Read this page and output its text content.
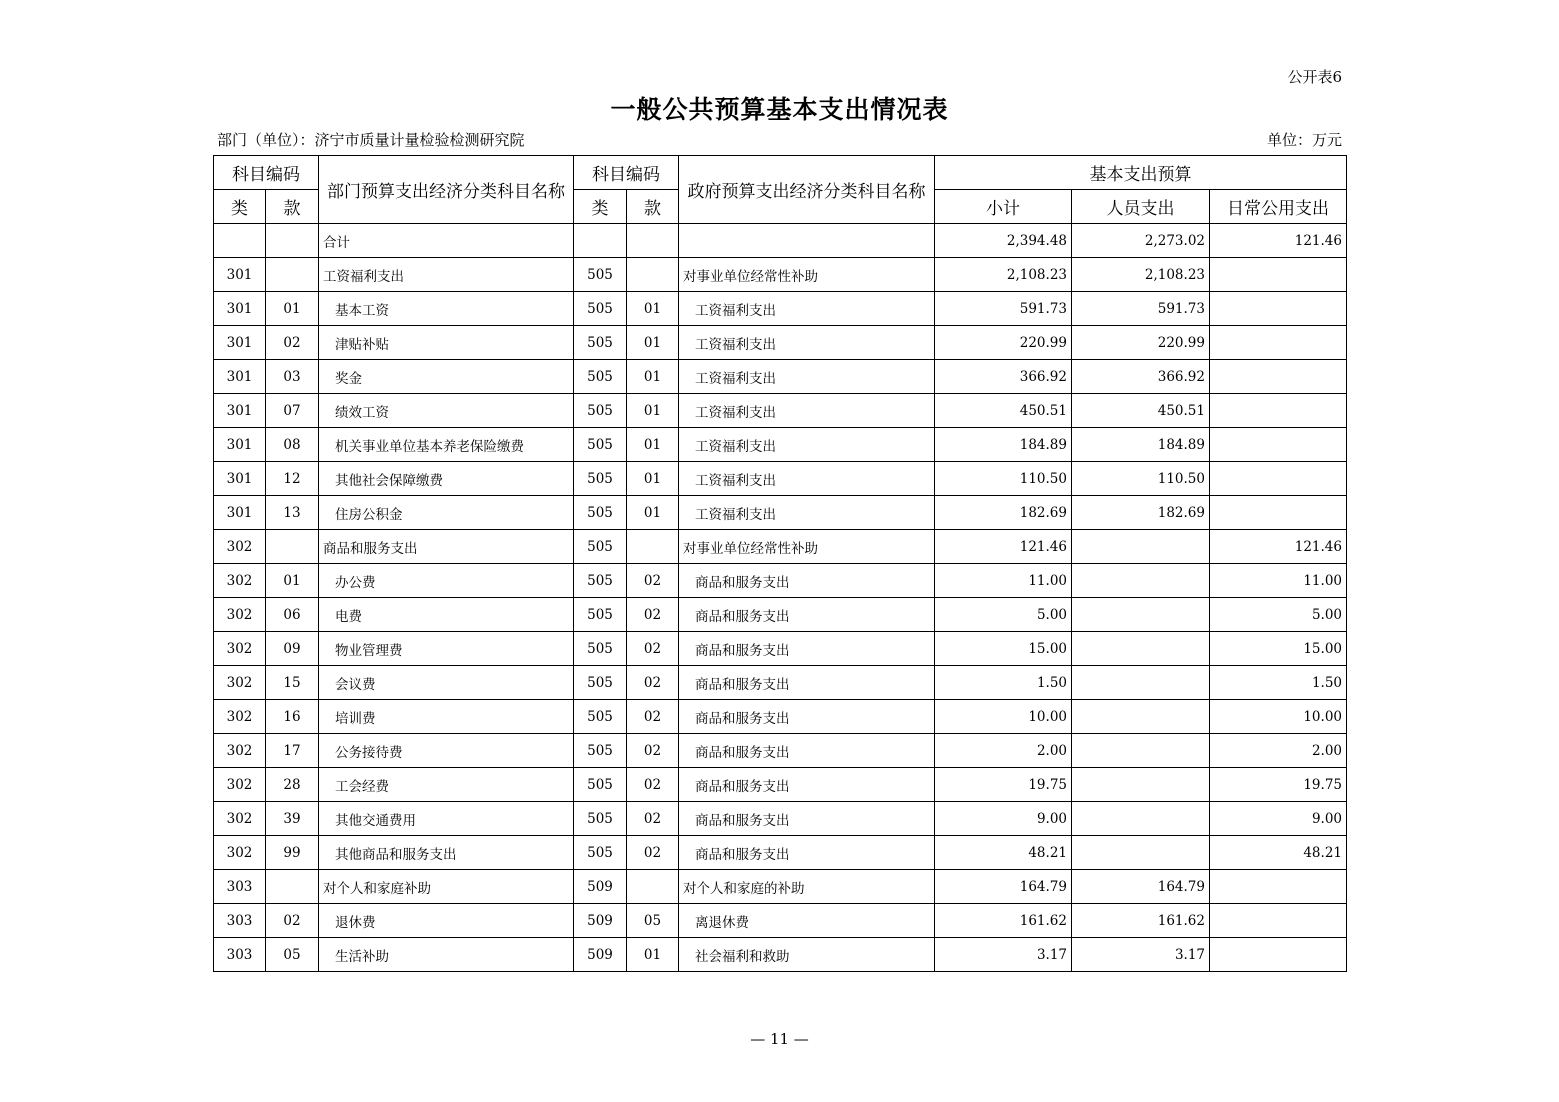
公开表6
一般公共预算基本支出情况表
部门（单位）：济宁市质量计量检验检测研究院	单位：万元
科目编码		部门预算支出经济分类科目名称	科目编码		政府预算支出经济分类科目名称	基本支出预算		
类	款		类	款		小计	人员支出	日常公用支出
		合计				2,394.48	2,273.02	121.46
301		工资福利支出	505		对事业单位经常性补助	2,108.23	2,108.23	
301	01	基本工资	505	01	工资福利支出	591.73	591.73	
301	02	津贴补贴	505	01	工资福利支出	220.99	220.99	
301	03	奖金	505	01	工资福利支出	366.92	366.92	
301	07	绩效工资	505	01	工资福利支出	450.51	450.51	
301	08	机关事业单位基本养老保险缴费	505	01	工资福利支出	184.89	184.89	
301	12	其他社会保障缴费	505	01	工资福利支出	110.50	110.50	
301	13	住房公积金	505	01	工资福利支出	182.69	182.69	
302		商品和服务支出	505		对事业单位经常性补助	121.46		121.46
302	01	办公费	505	02	商品和服务支出	11.00		11.00
302	06	电费	505	02	商品和服务支出	5.00		5.00
302	09	物业管理费	505	02	商品和服务支出	15.00		15.00
302	15	会议费	505	02	商品和服务支出	1.50		1.50
302	16	培训费	505	02	商品和服务支出	10.00		10.00
302	17	公务接待费	505	02	商品和服务支出	2.00		2.00
302	28	工会经费	505	02	商品和服务支出	19.75		19.75
302	39	其他交通费用	505	02	商品和服务支出	9.00		9.00
302	99	其他商品和服务支出	505	02	商品和服务支出	48.21		48.21
303		对个人和家庭补助	509		对个人和家庭的补助	164.79	164.79	
303	02	退休费	509	05	离退休费	161.62	161.62	
303	05	生活补助	509	01	社会福利和救助	3.17	3.17	
— 11 —
